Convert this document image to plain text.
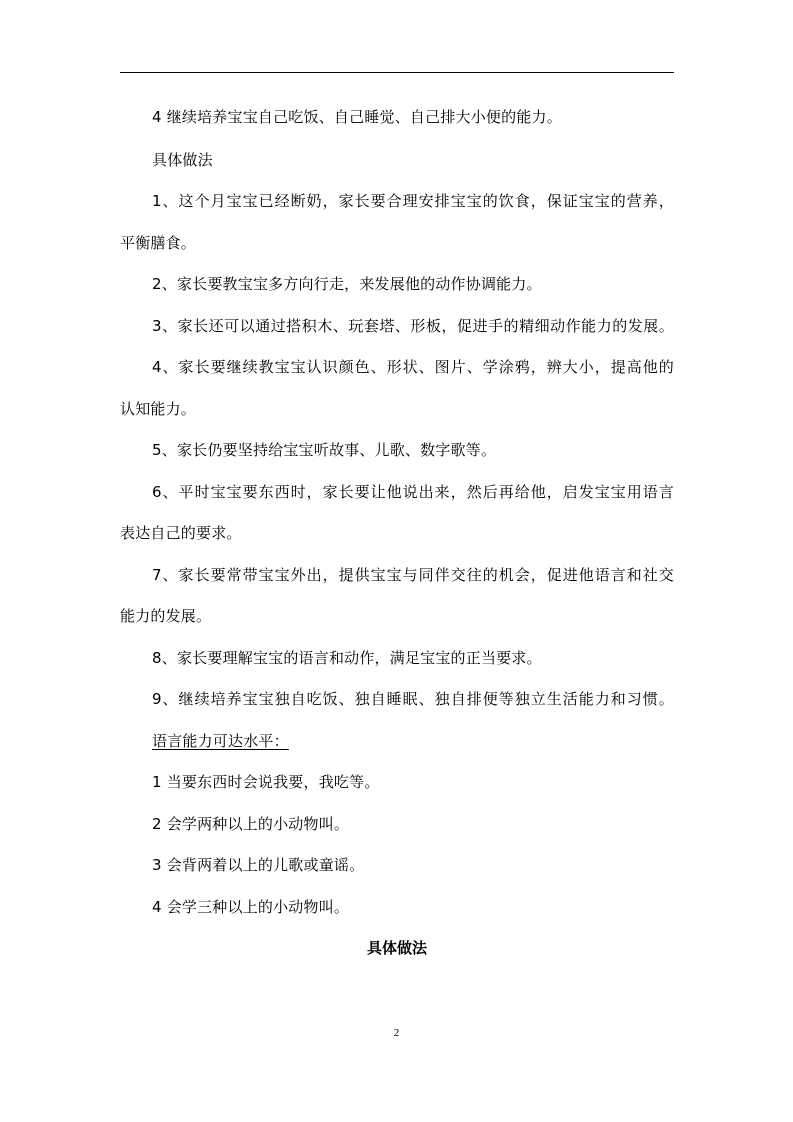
4 继续培养宝宝自己吃饭、自己睡觉、自己排大小便的能力。
具体做法
1、这个月宝宝已经断奶，家长要合理安排宝宝的饮食，保证宝宝的营养，
平衡膳食。
2、家长要教宝宝多方向行走，来发展他的动作协调能力。
3、家长还可以通过搭积木、玩套塔、形板，促进手的精细动作能力的发展。
4、家长要继续教宝宝认识颜色、形状、图片、学涂鸦，辨大小，提高他的
认知能力。
5、家长仍要坚持给宝宝听故事、儿歌、数字歌等。
6、平时宝宝要东西时，家长要让他说出来，然后再给他，启发宝宝用语言
表达自己的要求。
7、家长要常带宝宝外出，提供宝宝与同伴交往的机会，促进他语言和社交
能力的发展。
8、家长要理解宝宝的语言和动作，满足宝宝的正当要求。
9、继续培养宝宝独自吃饭、独自睡眠、独自排便等独立生活能力和习惯。
语言能力可达水平：
1 当要东西时会说我要，我吃等。
2 会学两种以上的小动物叫。
3 会背两着以上的儿歌或童谣。
4 会学三种以上的小动物叫。
具体做法
2
